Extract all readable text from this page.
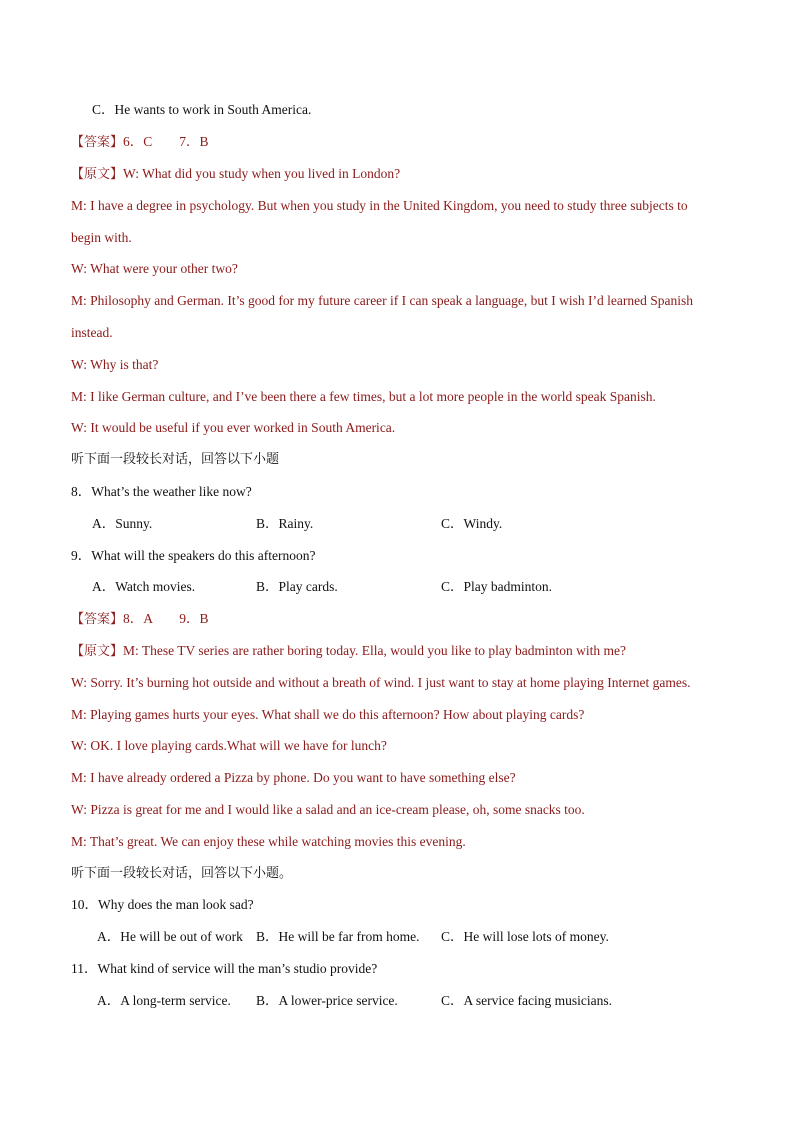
C．He wants to work in South America.
【答案】6．C　　7．B
【原文】W: What did you study when you lived in London?
M: I have a degree in psychology. But when you study in the United Kingdom, you need to study three subjects to
begin with.
W: What were your other two?
M: Philosophy and German. It’s good for my future career if I can speak a language, but I wish I’d learned Spanish
instead.
W: Why is that?
M: I like German culture, and I’ve been there a few times, but a lot more people in the world speak Spanish.
W: It would be useful if you ever worked in South America.
听下面一段较长对话，回答以下小题
8．What’s the weather like now?
A．Sunny.	B．Rainy.	C．Windy.
9．What will the speakers do this afternoon?
A．Watch movies.	B．Play cards.	C．Play badminton.
【答案】8．A　　9．B
【原文】M: These TV series are rather boring today. Ella, would you like to play badminton with me?
W: Sorry. It’s burning hot outside and without a breath of wind. I just want to stay at home playing Internet games.
M: Playing games hurts your eyes. What shall we do this afternoon? How about playing cards?
W: OK. I love playing cards.What will we have for lunch?
M: I have already ordered a Pizza by phone. Do you want to have something else?
W: Pizza is great for me and I would like a salad and an ice-cream please, oh, some snacks too.
M: That’s great. We can enjoy these while watching movies this evening.
听下面一段较长对话，回答以下小题。
10．Why does the man look sad?
A．He will be out of work B．He will be far from home. C．He will lose lots of money.
11．What kind of service will the man’s studio provide?
A．A long-term service. B．A lower-price service.	C．A service facing musicians.
